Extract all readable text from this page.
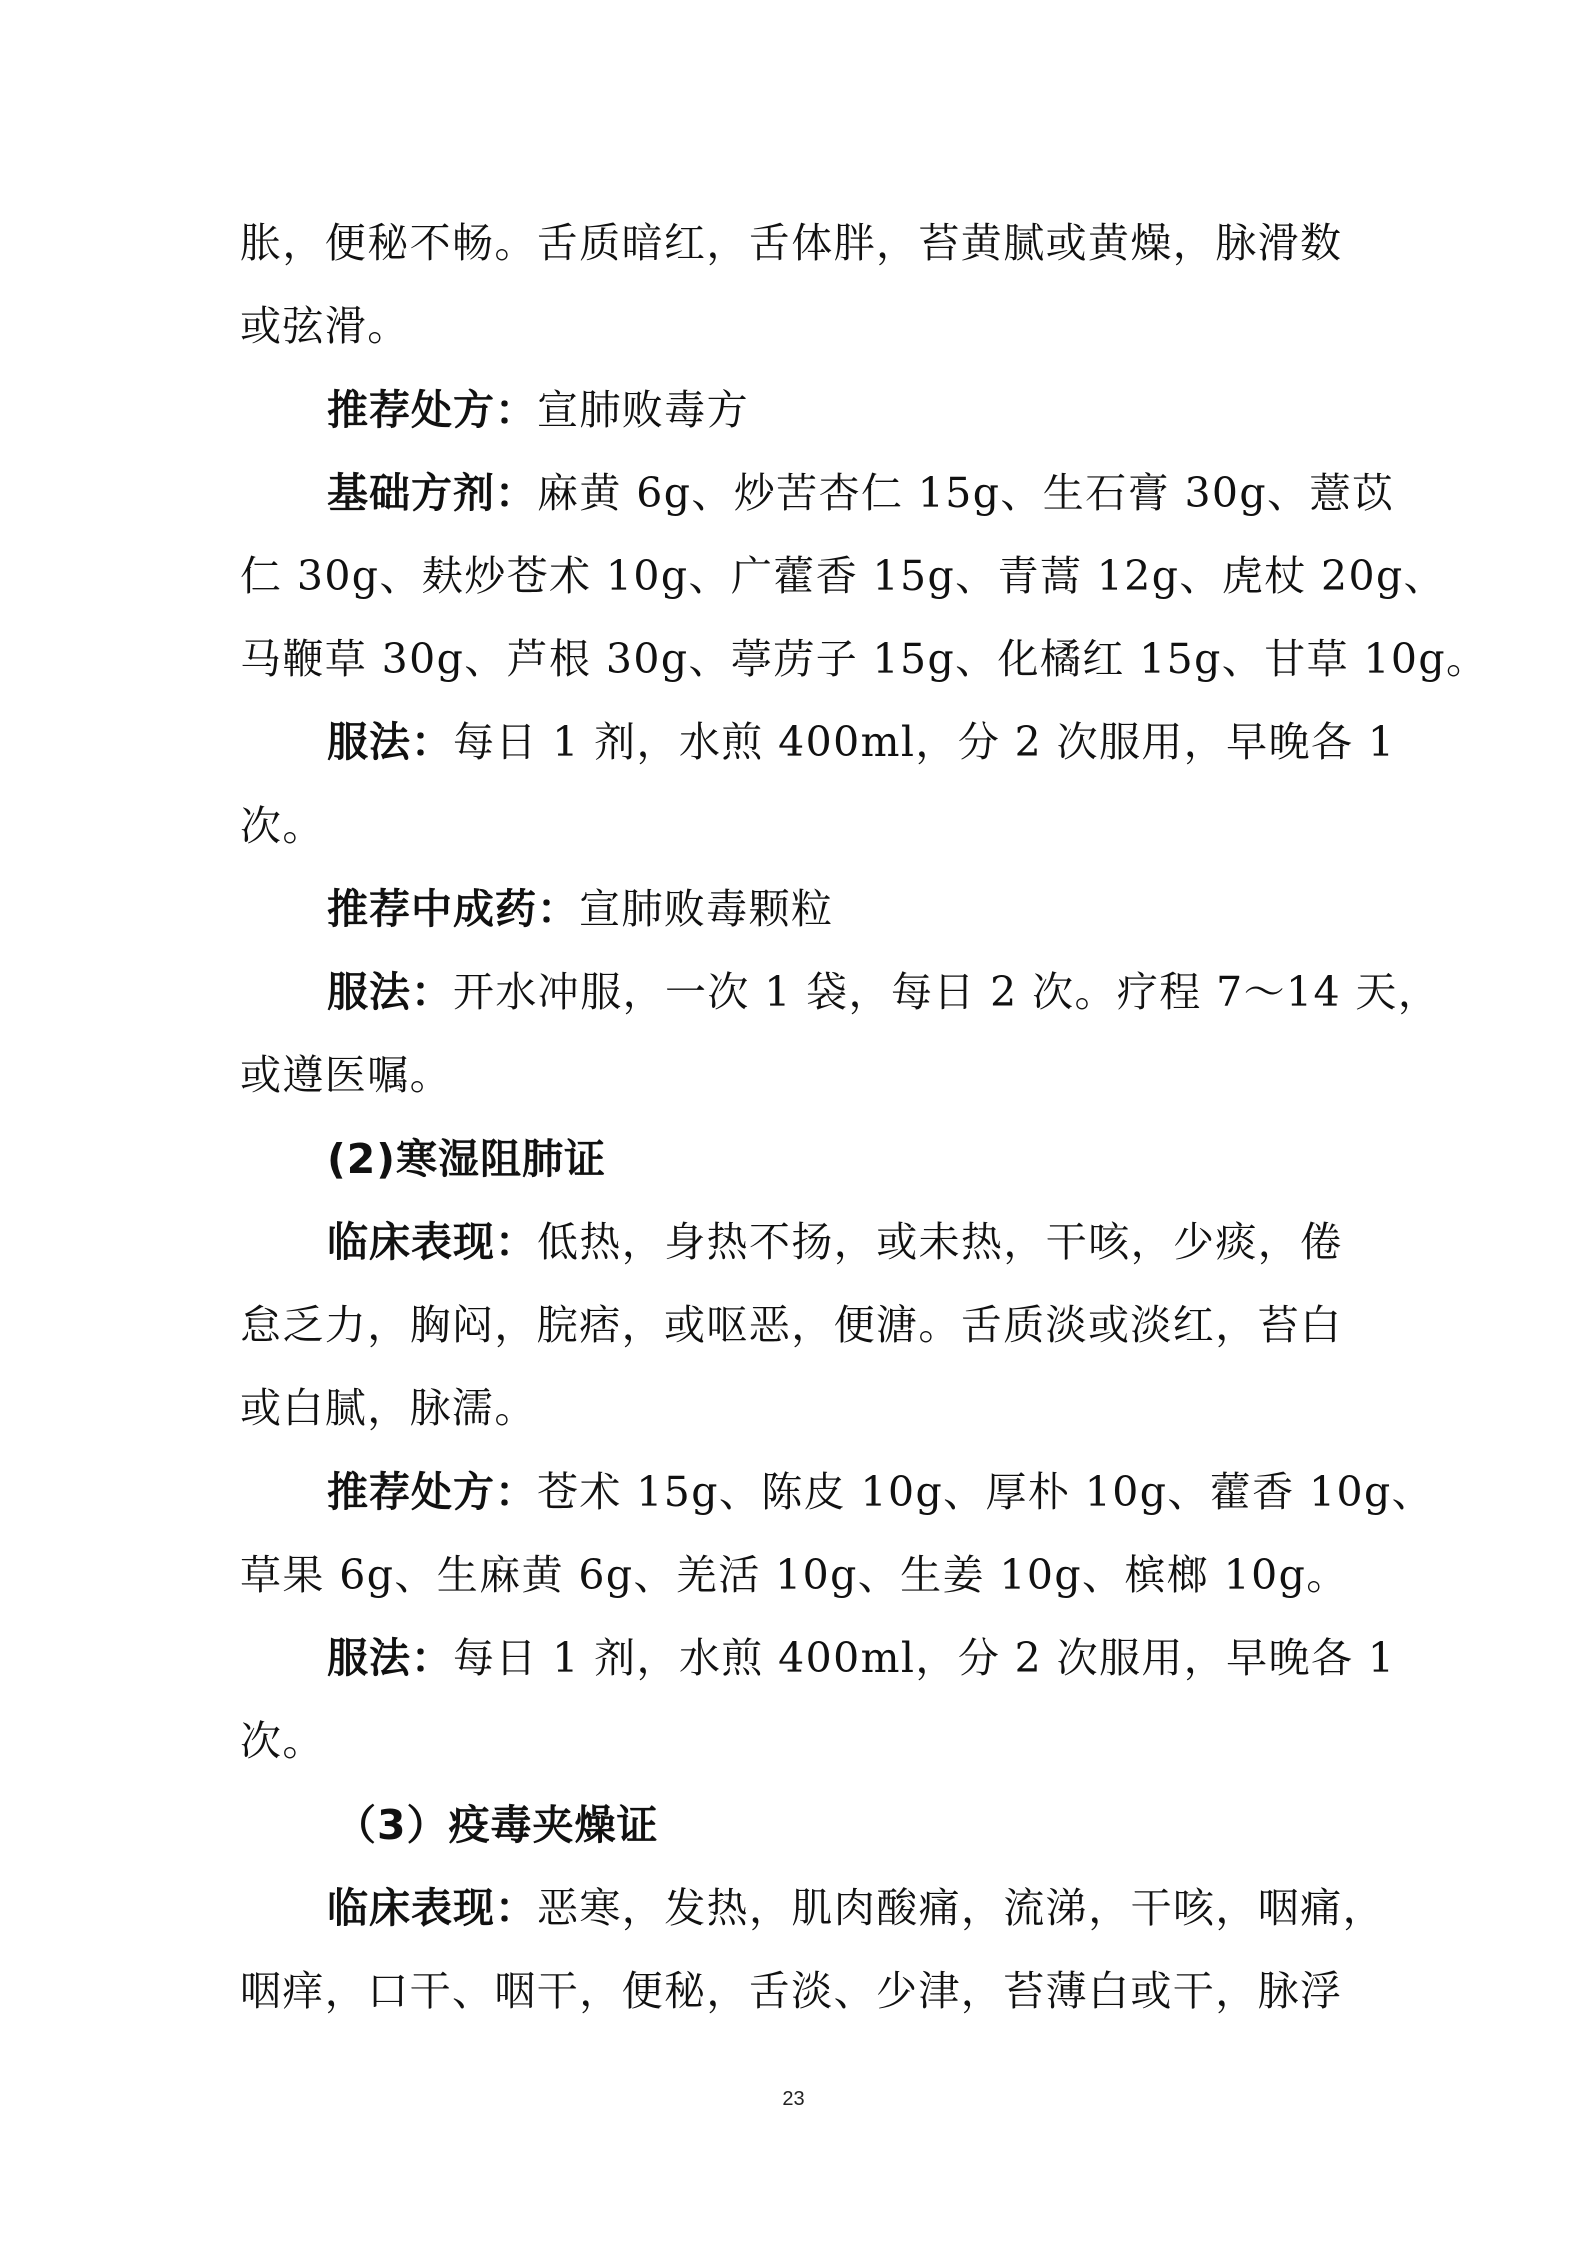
胀，便秘不畅。舌质暗红，舌体胖，苔黄腻或黄燥，脉滑数
或弦滑。
推荐处方：宣肺败毒方
基础方剂：麻黄 6g、炒苦杏仁 15g、生石膏 30g、薏苡
仁 30g、麸炒苍术 10g、广藿香 15g、青蒿 12g、虎杖 20g、
马鞭草 30g、芦根 30g、葶苈子 15g、化橘红 15g、甘草 10g。
服法：每日 1 剂，水煎 400ml，分 2 次服用，早晚各 1
次。
推荐中成药：宣肺败毒颗粒
服法：开水冲服，一次 1 袋，每日 2 次。疗程 7～14 天，
或遵医嘱。
(2)寒湿阻肺证
临床表现：低热，身热不扬，或未热，干咳，少痰，倦
怠乏力，胸闷，脘痞，或呕恶，便溏。舌质淡或淡红，苔白
或白腻，脉濡。
推荐处方：苍术 15g、陈皮 10g、厚朴 10g、藿香 10g、
草果 6g、生麻黄 6g、羌活 10g、生姜 10g、槟榔 10g。
服法：每日 1 剂，水煎 400ml，分 2 次服用，早晚各 1
次。
（3）疫毒夹燥证
临床表现：恶寒，发热，肌肉酸痛，流涕，干咳，咽痛，
咽痒，口干、咽干，便秘，舌淡、少津，苔薄白或干，脉浮
23
